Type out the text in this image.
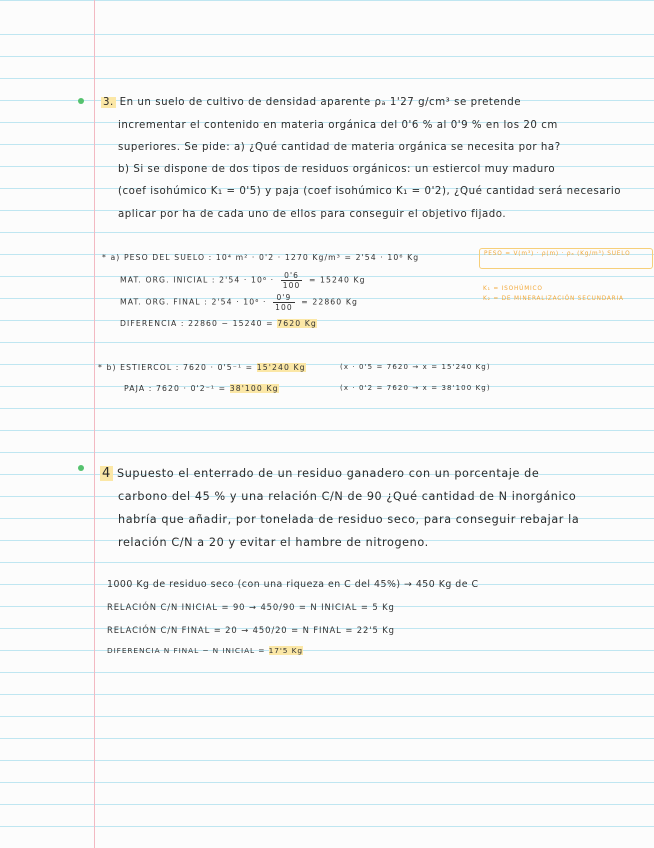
3. En un suelo de cultivo de densidad aparente ρₐ 1'27 g/cm³ se pretende
incrementar el contenido en materia orgánica del 0'6 % al 0'9 % en los 20 cm
superiores. Se pide: a) ¿Qué cantidad de materia orgánica se necesita por ha?
b) Si se dispone de dos tipos de residuos orgánicos: un estiercol muy maduro
(coef isohúmico K₁ = 0'5) y paja (coef isohúmico K₁ = 0'2), ¿Qué cantidad será necesario
aplicar por ha de cada uno de ellos para conseguir el objetivo fijado.
* a) PESO DEL SUELO : 10⁴ m² · 0'2 · 1270 Kg/m³ = 2'54 · 10⁶ Kg
MAT. ORG. INICIAL : $2'54 \cdot 10^6 \cdot \frac{0'6}{100} = 15240$ Kg
MAT. ORG. FINAL : $2'54 \cdot 10^6 \cdot \frac{0'9}{100} = 22860$ Kg
DIFERENCIA : 22860 − 15240 = 7620 Kg
PESO = V(m³) · ρ(m) · ρₐ (Kg/m³) SUELO
K₁ = ISOHÚMICO
K₂ = DE MINERALIZACIÓN SECUNDARIA
* b) ESTIERCOL : 7620 · 0'5⁻¹ = 15'240 Kg	(x · 0'5 = 7620 → x = 15'240 Kg)
PAJA : 7620 · 0'2⁻¹ = 38'100 Kg	(x · 0'2 = 7620 → x = 38'100 Kg)
4 Supuesto el enterrado de un residuo ganadero con un porcentaje de
carbono del 45 % y una relación C/N de 90 ¿Qué cantidad de N inorgánico
habría que añadir, por tonelada de residuo seco, para conseguir rebajar la
relación C/N a 20 y evitar el hambre de nitrogeno.
1000 Kg de residuo seco (con una riqueza en C del 45%) → 450 Kg de C
RELACIÓN C/N INICIAL = 90 → 450/90 = N INICIAL = 5 Kg
RELACIÓN C/N FINAL = 20 → 450/20 = N FINAL = 22'5 Kg
DIFERENCIA N FINAL − N INICIAL = 17'5 Kg
